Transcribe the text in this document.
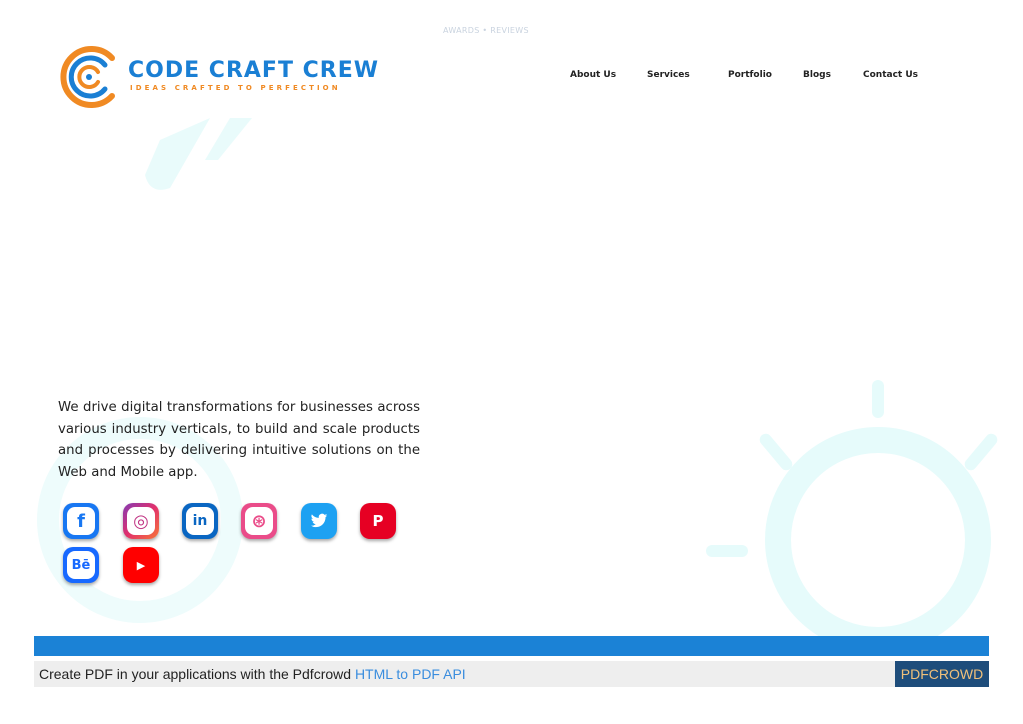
AWARDS • REVIEWS
CODE CRAFT CREW
IDEAS CRAFTED TO PERFECTION
About Us	Services	Portfolio	Blogs	Contact Us
We drive digital transformations for businesses across various industry verticals, to build and scale products and processes by delivering intuitive solutions on the Web and Mobile app.
f	◎	in	⊛	P
Bē	▶
Create PDF in your applications with the Pdfcrowd HTML to PDF API	PDFCROWD
